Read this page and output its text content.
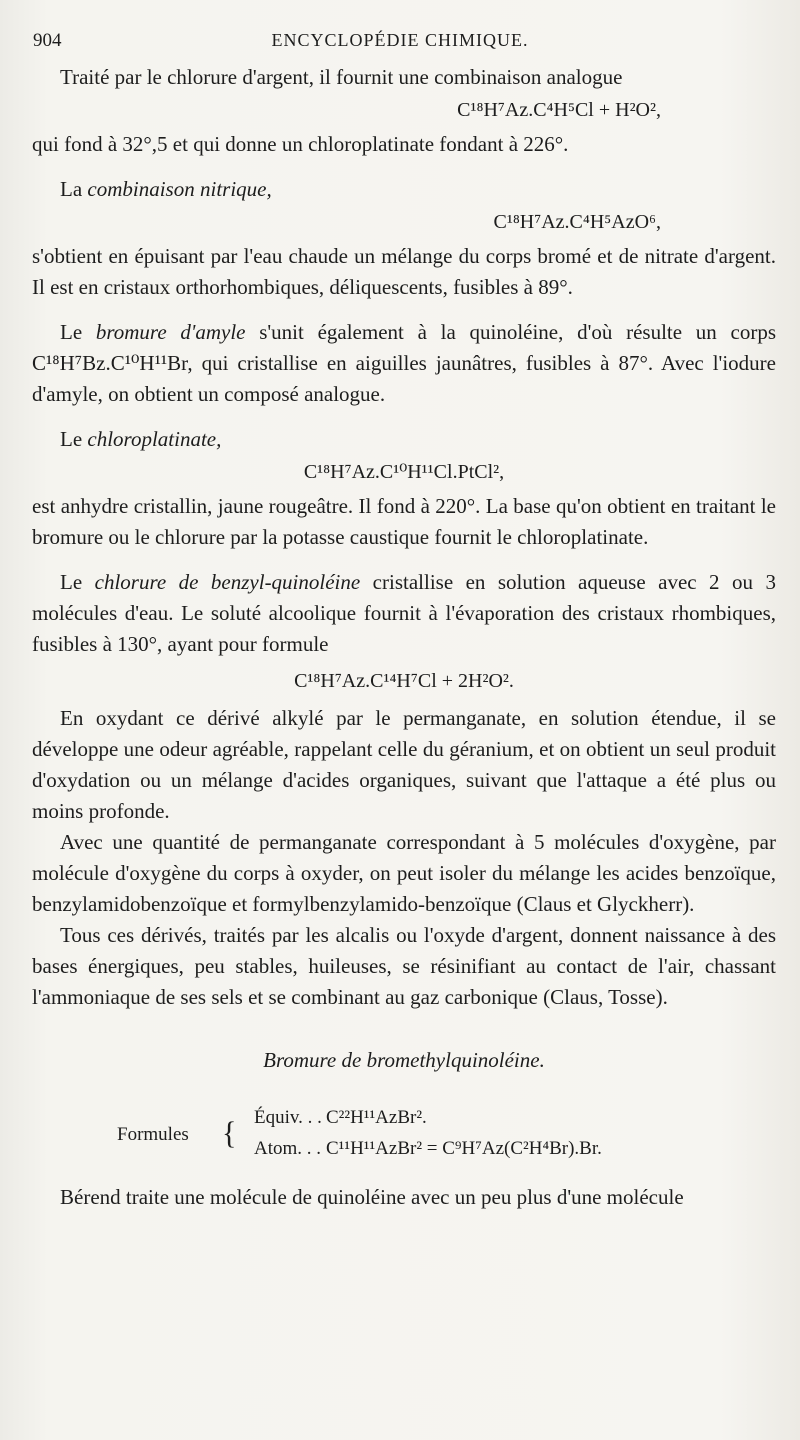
904	ENCYCLOPÉDIE CHIMIQUE.

Traité par le chlorure d'argent, il fournit une combinaison analogue

C¹⁸H⁷Az.C⁴H⁵Cl + H²O²,

qui fond à 32°,5 et qui donne un chloroplatinate fondant à 226°.

La combinaison nitrique,

C¹⁸H⁷Az.C⁴H⁵AzO⁶,

s'obtient en épuisant par l'eau chaude un mélange du corps bromé et de nitrate d'argent. Il est en cristaux orthorhombiques, déliquescents, fusibles à 89°.

Le bromure d'amyle s'unit également à la quinoléine, d'où résulte un corps C¹⁸H⁷Bz.C¹⁰H¹¹Br, qui cristallise en aiguilles jaunâtres, fusibles à 87°. Avec l'iodure d'amyle, on obtient un composé analogue.

Le chloroplatinate,

C¹⁸H⁷Az.C¹⁰H¹¹Cl.PtCl²,

est anhydre cristallin, jaune rougeâtre. Il fond à 220°. La base qu'on obtient en traitant le bromure ou le chlorure par la potasse caustique fournit le chloroplatinate.

Le chlorure de benzyl-quinoléine cristallise en solution aqueuse avec 2 ou 3 molécules d'eau. Le soluté alcoolique fournit à l'évaporation des cristaux rhombiques, fusibles à 130°, ayant pour formule

C¹⁸H⁷Az.C¹⁴H⁷Cl + 2H²O².

En oxydant ce dérivé alkylé par le permanganate, en solution étendue, il se développe une odeur agréable, rappelant celle du géranium, et on obtient un seul produit d'oxydation ou un mélange d'acides organiques, suivant que l'attaque a été plus ou moins profonde.

Avec une quantité de permanganate correspondant à 5 molécules d'oxygène, par molécule d'oxygène du corps à oxyder, on peut isoler du mélange les acides benzoïque, benzylamidobenzoïque et formylbenzylamido-benzoïque (Claus et Glyckherr).

Tous ces dérivés, traités par les alcalis ou l'oxyde d'argent, donnent naissance à des bases énergiques, peu stables, huileuses, se résinifiant au contact de l'air, chassant l'ammoniaque de ses sels et se combinant au gaz carbonique (Claus, Tosse).

Bromure de bromethylquinoléine.
Formules { Équiv. . . C²²H¹¹AzBr².
Atom. . . C¹¹H¹¹AzBr² = C⁹H⁷Az(C²H⁴Br).Br.

Bérend traite une molécule de quinoléine avec un peu plus d'une molécule
